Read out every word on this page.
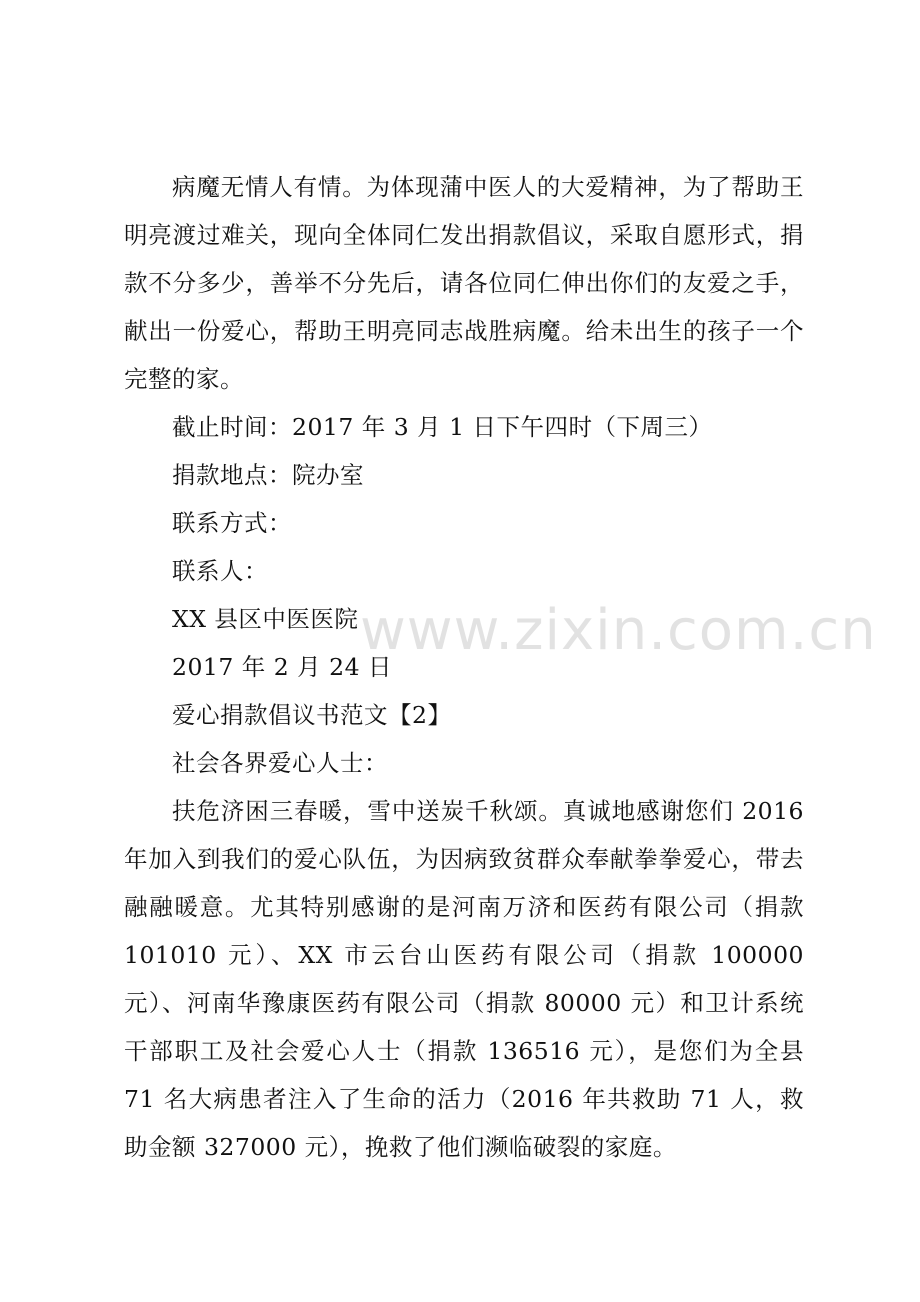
病魔无情人有情。为体现蒲中医人的大爱精神，为了帮助王明亮渡过难关，现向全体同仁发出捐款倡议，采取自愿形式，捐款不分多少，善举不分先后，请各位同仁伸出你们的友爱之手，献出一份爱心，帮助王明亮同志战胜病魔。给未出生的孩子一个完整的家。

截止时间：2017 年 3 月 1 日下午四时（下周三）

捐款地点：院办室

联系方式：

联系人：

XX 县区中医医院

2017 年 2 月 24 日

爱心捐款倡议书范文【2】

社会各界爱心人士：

扶危济困三春暖，雪中送炭千秋颂。真诚地感谢您们 2016 年加入到我们的爱心队伍，为因病致贫群众奉献拳拳爱心，带去融融暖意。尤其特别感谢的是河南万济和医药有限公司（捐款 101010 元）、XX 市云台山医药有限公司（捐款 100000 元）、河南华豫康医药有限公司（捐款 80000 元）和卫计系统干部职工及社会爱心人士（捐款 136516 元），是您们为全县 71 名大病患者注入了生命的活力（2016 年共救助 71 人，救助金额 327000 元），挽救了他们濒临破裂的家庭。

www.zixin.com.cn
